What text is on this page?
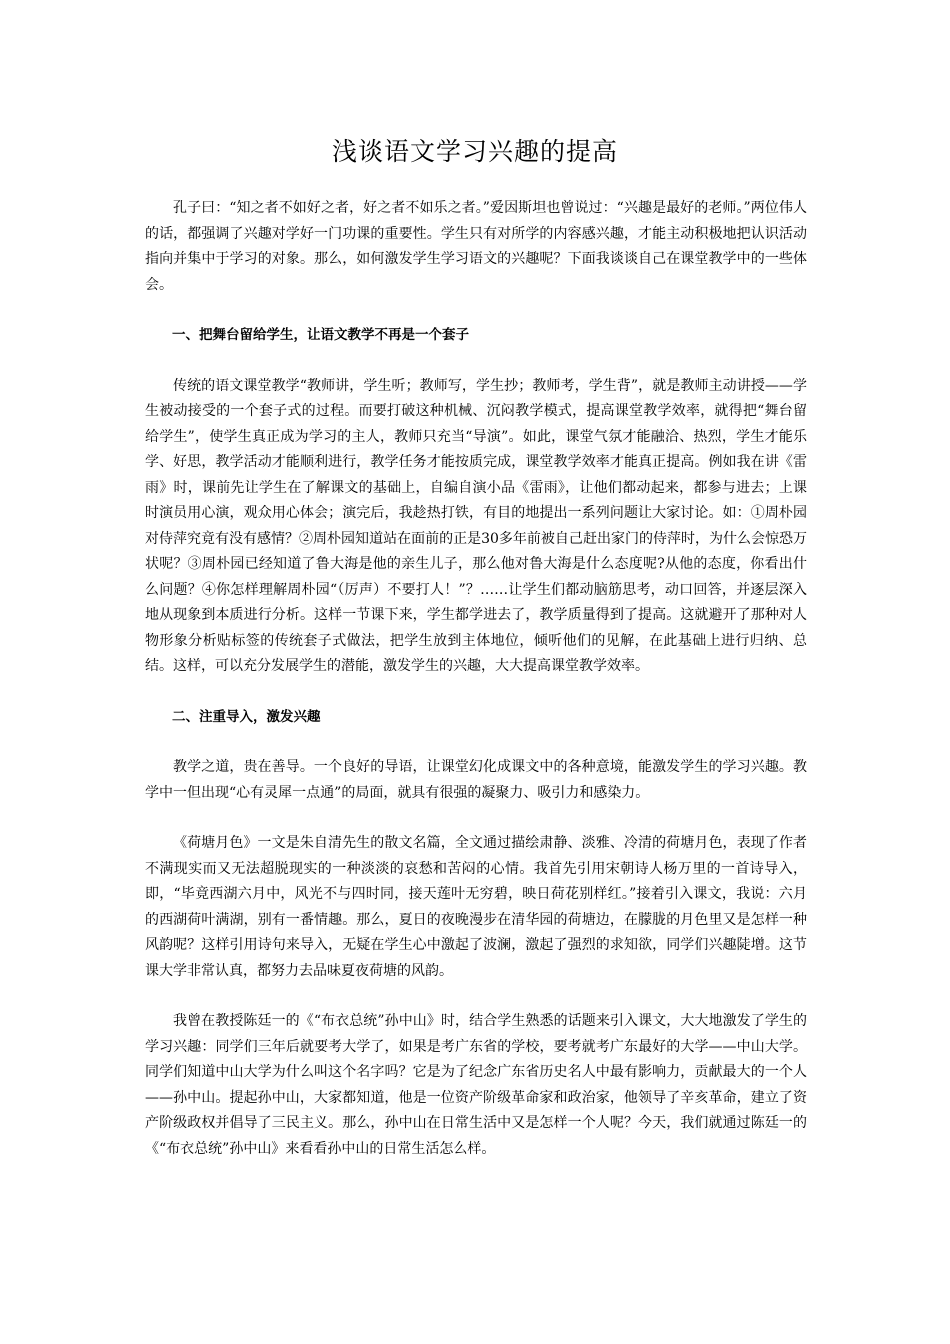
浅谈语文学习兴趣的提高

孔子曰：“知之者不如好之者，好之者不如乐之者。”爱因斯坦也曾说过：“兴趣是最好的老师。”两位伟人的话，都强调了兴趣对学好一门功课的重要性。学生只有对所学的内容感兴趣，才能主动积极地把认识活动指向并集中于学习的对象。那么，如何激发学生学习语文的兴趣呢？下面我谈谈自己在课堂教学中的一些体会。

一、把舞台留给学生，让语文教学不再是一个套子

传统的语文课堂教学“教师讲，学生听；教师写，学生抄；教师考，学生背”，就是教师主动讲授——学生被动接受的一个套子式的过程。而要打破这种机械、沉闷教学模式，提高课堂教学效率，就得把“舞台留给学生”，使学生真正成为学习的主人，教师只充当“导演”。如此，课堂气氛才能融洽、热烈，学生才能乐学、好思，教学活动才能顺利进行，教学任务才能按质完成，课堂教学效率才能真正提高。例如我在讲《雷雨》时，课前先让学生在了解课文的基础上，自编自演小品《雷雨》，让他们都动起来，都参与进去；上课时演员用心演，观众用心体会；演完后，我趁热打铁，有目的地提出一系列问题让大家讨论。如：①周朴园对侍萍究竟有没有感情？②周朴园知道站在面前的正是30多年前被自己赶出家门的侍萍时，为什么会惊恐万状呢？③周朴园已经知道了鲁大海是他的亲生儿子，那么他对鲁大海是什么态度呢?从他的态度，你看出什么问题？④你怎样理解周朴园“（厉声）不要打人！”？……让学生们都动脑筋思考，动口回答，并逐层深入地从现象到本质进行分析。这样一节课下来，学生都学进去了，教学质量得到了提高。这就避开了那种对人物形象分析贴标签的传统套子式做法，把学生放到主体地位，倾听他们的见解，在此基础上进行归纳、总结。这样，可以充分发展学生的潜能，激发学生的兴趣，大大提高课堂教学效率。

二、注重导入，激发兴趣

教学之道，贵在善导。一个良好的导语，让课堂幻化成课文中的各种意境，能激发学生的学习兴趣。教学中一但出现“心有灵犀一点通”的局面，就具有很强的凝聚力、吸引力和感染力。

《荷塘月色》一文是朱自清先生的散文名篇，全文通过描绘肃静、淡雅、冷清的荷塘月色，表现了作者不满现实而又无法超脱现实的一种淡淡的哀愁和苦闷的心情。我首先引用宋朝诗人杨万里的一首诗导入，即，“毕竟西湖六月中，风光不与四时同，接天莲叶无穷碧，映日荷花别样红。”接着引入课文，我说：六月的西湖荷叶满湖，别有一番情趣。那么，夏日的夜晚漫步在清华园的荷塘边，在朦胧的月色里又是怎样一种风韵呢？这样引用诗句来导入，无疑在学生心中激起了波澜，激起了强烈的求知欲，同学们兴趣陡增。这节课大学非常认真，都努力去品味夏夜荷塘的风韵。

我曾在教授陈廷一的《“布衣总统”孙中山》时，结合学生熟悉的话题来引入课文，大大地激发了学生的学习兴趣：同学们三年后就要考大学了，如果是考广东省的学校，要考就考广东最好的大学——中山大学。同学们知道中山大学为什么叫这个名字吗？它是为了纪念广东省历史名人中最有影响力，贡献最大的一个人——孙中山。提起孙中山，大家都知道，他是一位资产阶级革命家和政治家，他领导了辛亥革命，建立了资产阶级政权并倡导了三民主义。那么，孙中山在日常生活中又是怎样一个人呢？今天，我们就通过陈廷一的《“布衣总统”孙中山》来看看孙中山的日常生活怎么样。
